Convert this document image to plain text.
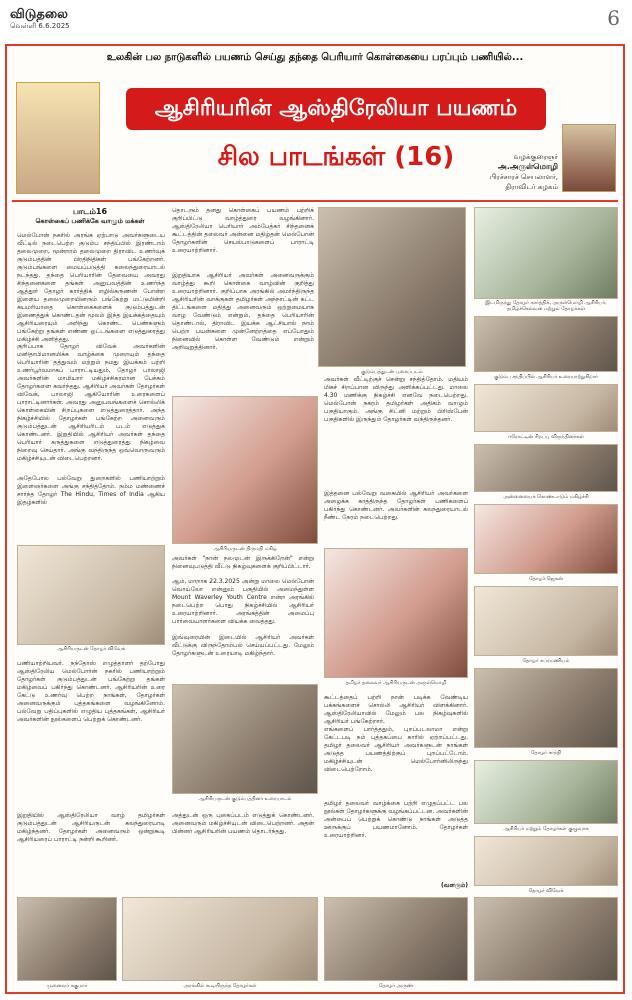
விடுதலை
வெள்ளி 6.6.2025	6
உலகின் பல நாடுகளில் பயணம் செய்து தந்தை பெரியார் கொள்கையை பரப்பும் பணியில்...
ஆசிரியரின் ஆஸ்திரேலியா பயணம்
சில பாடங்கள் (16)	வழக்குரைஞர்
அ.அருள்மொழி
பிரச்சாரச் செயலாளர், திராவிடர் கழகம்
பாடம்16
கொள்கைப் பணிக்கே வாழும் மக்கள்
மெல்போன் நகரில் அரங்க ஏற்பாடு அவர்களுடைய வீட்டில் நடைபெற்ற குடும்ப சந்திப்பில் இரண்டாம் தலைமுறை, மூன்றாம் தலைமுறை திராவிட உணர்வுக் குடும்பத்தின் பிரதிநிதிகள் பங்கேற்றனர். குடும்பங்களை மையப்படுத்தி கலைந்துரையாடல் நடந்தது. தந்தை பெரியாரின் தேவையை அவரது சிந்தனைகளை தங்கள் அனுபவத்தின் உணர்ந்த ஆத்தூர் தோழர் கார்த்திக் எழில்கருணன் போன்ற இளைய தலைமுறையினரும் பங்கேற்று மட்டுமின்றி சுயமரியாதை கொள்கைகளைக் குடும்பத்துடன் இணைத்துக் கொண்டதன் மூலம் இந்த இயக்கத்தையும் ஆசிரியரையும் அறிந்து கொண்ட பெண்களும் பங்கேற்று தங்கள் எண்ண ஓட்டங்களை எடுத்துரைத்து மகிழ்ச்சி அளித்தது.
குறிப்பாக தோழர் விவேக் அவர்களின் மனிதாபிமானமிக்க வாழ்க்கை முறையும் தந்தை பெரியாரின் தத்துவம் மற்றும் நமது இயக்கம் பற்றி உணர்பூர்வமாகப் பாராட்டியதும், தோழர் பாலாஜி அவர்களின் மாமியார் மகிழ்ச்சிகரமான பேச்சும் தோழர்களை கவர்ந்தது. ஆசிரியர் அவர்கள் தோழர்கள் விவேக், பாலாஜி ஆகியோரின் உரைகளைப் பாராட்டினார்கள். அவரது அனுபவங்களைச் சொல்லிக் கொள்கையின் சிறப்புகளை எடுத்துரைத்தார். அந்த நிகழ்ச்சியில் தோழர்கள் பங்கேற்ற அனைவரும் குடும்பத்துடன் ஆசிரியரிடம் படம் எடுத்துக் கொண்டனர். இறுதியில் ஆசிரியர் அவர்கள் தந்தை பெரியார் கருத்துகளை எடுத்துரைத்து நிகழ்வை நிறைவு செய்தார். அங்கு வந்திருந்த ஒவ்வொருவரும் மகிழ்ச்சியுடன் விடைபெற்றனர்.
அதேபோல பல்வேறு துறைகளில் பணியாற்றும் இளைஞர்களை அங்கு சந்தித்தோம். நம்ம மண்ணைச் சார்ந்த தோழர் The Hindu, Times of India ஆகிய இதழ்களில்
ஆசிரியருடன் தோழர் விவேக்
பணியாற்றியவர். நந்தோஸ் எழுத்தாளர் தற்போது ஆஸ்திரேலிய மெல்போர்ன் நகரில் பணியாற்றும் தோழர்கள் குடும்பத்துடன் பங்கேற்று தங்கள் மகிழ்வைப் பகிர்ந்து கொண்டனர். ஆசிரியரின் உரை கேட்டு உணர்வு பெற்ற நாங்கள், தோழர்கள் அனைவருக்கும் புத்தகங்களை வழங்கினோம். பல்வேறு பதிப்புகளில் எழுதிய புத்தகங்கள், ஆசிரியர் அவர்களின் நூல்களைப் பெற்றுக் கொண்டனர்.
இறுதியில் ஆஸ்திரேலியா வாழ் தமிழர்கள் குடும்பத்துடன் ஆசிரியருடன் கலந்துரையாடி மகிழ்ந்தனர். தோழர்கள் அனைவரும் ஒன்றுகூடி ஆசிரியரைப் பாராட்டி நன்றி கூறினர்.
முனைவர் சுகுமார்
தொடரும் தனது கொள்கைப் பயணம் பற்றிக் குறிப்பிட்டு வாழ்த்துரை வழங்கினார். ஆஸ்திரேலியா பெரியார் அம்பேத்கர் சிந்தனைக் கூட்டத்தின் தலைவர் அன்னை மதிழ்தன் மெல்போன் தோழர்களின் செயல்பாடுகளைப் பாராட்டி உரையாற்றினார்.
இறுதியாக ஆசிரியர் அவர்கள் அனைவருக்கும் வாழ்த்து கூறி கொள்கை வாழ்வின் குறித்து உரையாற்றினார். குறிப்பாக அரங்கில் அமர்ந்திருந்த ஆசிரியரின் வாக்குகள் தமிழர்கள் அந்நாட்டின் கட்ட திட்டங்களை மதித்து அனைவரும் ஒற்றுமையாக வாழ வேண்டும் என்றும், தந்தை பெரியாரின் தொண்டால், திராவிட இயக்க ஆட்சியால் நாம் பெற்ற பயன்களை முன்னேற்றத்தை எப்போதும் நினைவில் கொள்ள வேண்டும் என்றும் அறிவுறுத்தினார்.
குடும்பத்துடன் புகைப்படம்
ஆசிரியருடன் திருமதி மகிழ்
அவர்கள் "நான் நலமுடன் இருக்கிறேன்" என்று நினைவுபடுத்தி வீட்டு நிகழ்வுகளைக் குறிப்பிட்டார்.
ஆம், மாறாக 22.3.2025 அன்று மாலை மெல்போன் வொய்லோ என்னும் பகுதியில் அமைந்துள்ள Mount Waverley Youth Centre என்ற அரங்கில் நடைபெற்ற பொது நிகழ்ச்சியில் ஆசிரியர் உரையாற்றினார். அரங்கத்தின் அமைப்பு பார்வையாளர்களை வியக்க வைத்தது.
இவ்வுரையின் இடையில் ஆசிரியர் அவர்கள் வீட்டுக்கு விருந்தோம்பல் செய்யப்பட்டது. மேலும் தோழர்களுடன் உரையாடி மகிழ்ந்தார்.
ஆசிரியருடன் குடும்பத்தினர் உரையாடல்
அத்துடன் ஒரு புகைப்படம் எடுத்துக் கொண்டனர். அனைவரும் மகிழ்ச்சியுடன் விடைபெற்றனர். அதன் பின்னர் ஆசிரியரின் பயணம் தொடர்ந்தது.
அரங்கில் கூடியிருந்த தோழர்கள்
தமிழர் தலைவர் ஆசிரியருடன் அருள்மொழி
அவர்கள் வீட்டிற்குச் சென்று சந்தித்தோம். மதியம் மிகச் சிறப்பான விருந்து அளிக்கப்பட்டது. மாலை 4.30 மணிக்கு நிகழ்ச்சி எனவே நடைபெற்றது. மெல்போன் நகரம் தமிழர்கள் அதிகம் வாழும் பகுதியாகும். அங்கு சிட்னி மற்றும் பிரிஸ்பேன் பகுதிகளில் இருந்தும் தோழர்கள் வந்திருந்தனர்.
இத்தனை பல்வேறு வகையில் ஆசிரியர் அவர்களை அழைக்க காத்திருந்த தோழர்கள் பணிகளைப் பகிர்ந்து கொண்டனர். அவர்களின் கலந்துரையாடல் நீண்ட நேரம் நடைபெற்றது.
கூட்டத்தைப் பற்றி நான் படிக்க வேண்டிய பக்கங்களைச் சொல்லி ஆசிரியர் விளக்கினார். ஆஸ்திரேலியாவில் மேலும் பல நிகழ்வுகளில் ஆசிரியர் பங்கேற்றார்.
எங்களைப் பார்த்ததும், புறப்படலாமா என்று கேட்டபடி நம் புத்தகப்பை காரில் ஏற்றப்பட்டது. தமிழர் தலைவர் ஆசிரியர் அவர்களுடன் நாங்கள் அடுத்த பயணத்திற்குப் புறப்பட்டோம். மகிழ்ச்சியுடன் மெல்போர்னிலிருந்து விடைபெற்றோம்.
தமிழர் தலைவர் வாழ்க்கை பற்றி எழுதப்பட்ட பல நூல்கள் தோழர்களுக்கு வழங்கப்பட்டன. அவர்களின் அன்பைப் பெற்றுக் கொண்டு நாங்கள் அடுத்த ஊருக்குப் பயணமானோம். தோழர்கள் உரையாற்றினர்.
(வளரும்)
தோழர் அருண்
இடமிருந்து தோழர் கார்த்திக், அருள்மொழி ஆசிரியர், தமிழ்ச்செல்வன் மற்றும் தோழர்கள்
குடும்ப சந்திப்பில் ஆசிரியர் உரையாற்றுகிறார்
ஈரோட்டின் சிறப்பு விருந்தினர்கள்
அன்னையைக் கொண்டாடும் மகிழ்ச்சி
தோழர் ஜெகன்
தோழர் சுப்ரமணியம்
தோழர் சாந்தி
ஆசிரியர் மற்றும் தோழர்கள் குழுவாக
தோழர் விவேக்
